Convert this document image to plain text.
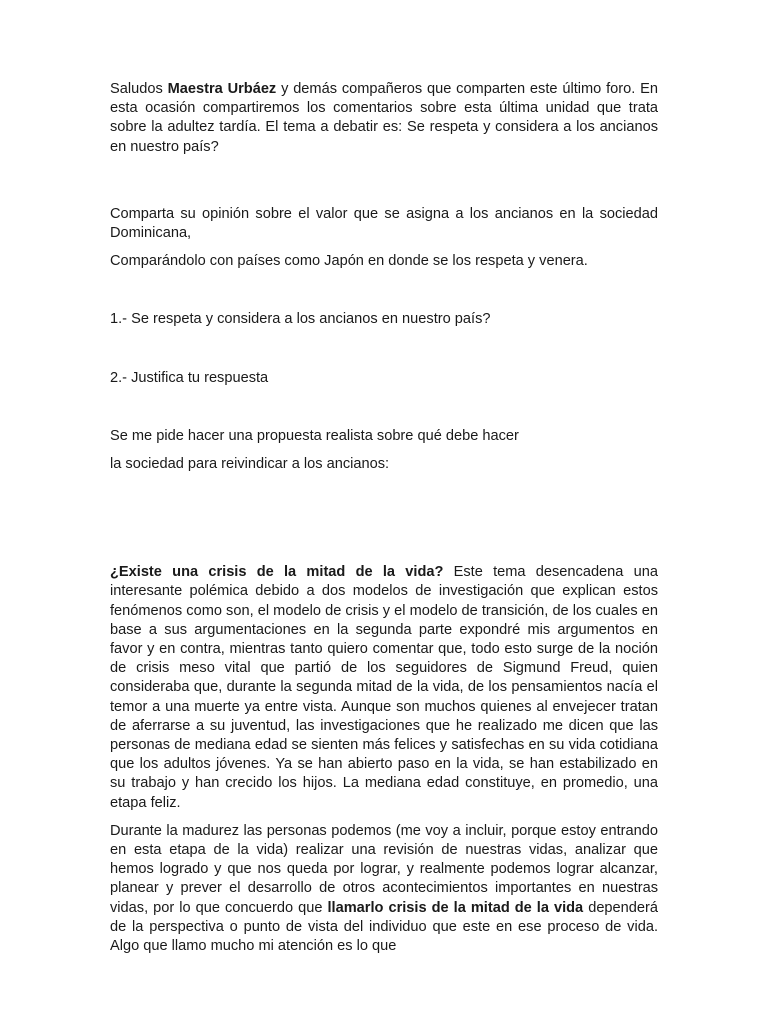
Saludos Maestra Urbáez y demás compañeros que comparten este último foro. En esta ocasión compartiremos los comentarios sobre esta última unidad que trata sobre la adultez tardía. El tema a debatir es: Se respeta y considera a los ancianos en nuestro país?

Comparta su opinión sobre el valor que se asigna a los ancianos en la sociedad Dominicana,

Comparándolo con países como Japón en donde se los respeta y venera.

1.- Se respeta y considera a los ancianos en nuestro país?

2.- Justifica tu respuesta

Se me pide hacer una propuesta realista sobre qué debe hacer

la sociedad para reivindicar a los ancianos:

¿Existe una crisis de la mitad de la vida? Este tema desencadena una interesante polémica debido a dos modelos de investigación que explican estos fenómenos como son, el modelo de crisis y el modelo de transición, de los cuales en base a sus argumentaciones en la segunda parte expondré mis argumentos en favor y en contra, mientras tanto quiero comentar que, todo esto surge de la noción de crisis meso vital que partió de los seguidores de Sigmund Freud, quien consideraba que, durante la segunda mitad de la vida, de los pensamientos nacía el temor a una muerte ya entre vista. Aunque son muchos quienes al envejecer tratan de aferrarse a su juventud, las investigaciones que he realizado me dicen que las personas de mediana edad se sienten más felices y satisfechas en su vida cotidiana que los adultos jóvenes. Ya se han abierto paso en la vida, se han estabilizado en su trabajo y han crecido los hijos. La mediana edad constituye, en promedio, una etapa feliz.

Durante la madurez las personas podemos (me voy a incluir, porque estoy entrando en esta etapa de la vida) realizar una revisión de nuestras vidas, analizar que hemos logrado y que nos queda por lograr, y realmente podemos lograr alcanzar, planear y prever el desarrollo de otros acontecimientos importantes en nuestras vidas, por lo que concuerdo que llamarlo crisis de la mitad de la vida dependerá de la perspectiva o punto de vista del individuo que este en ese proceso de vida. Algo que llamo mucho mi atención es lo que
